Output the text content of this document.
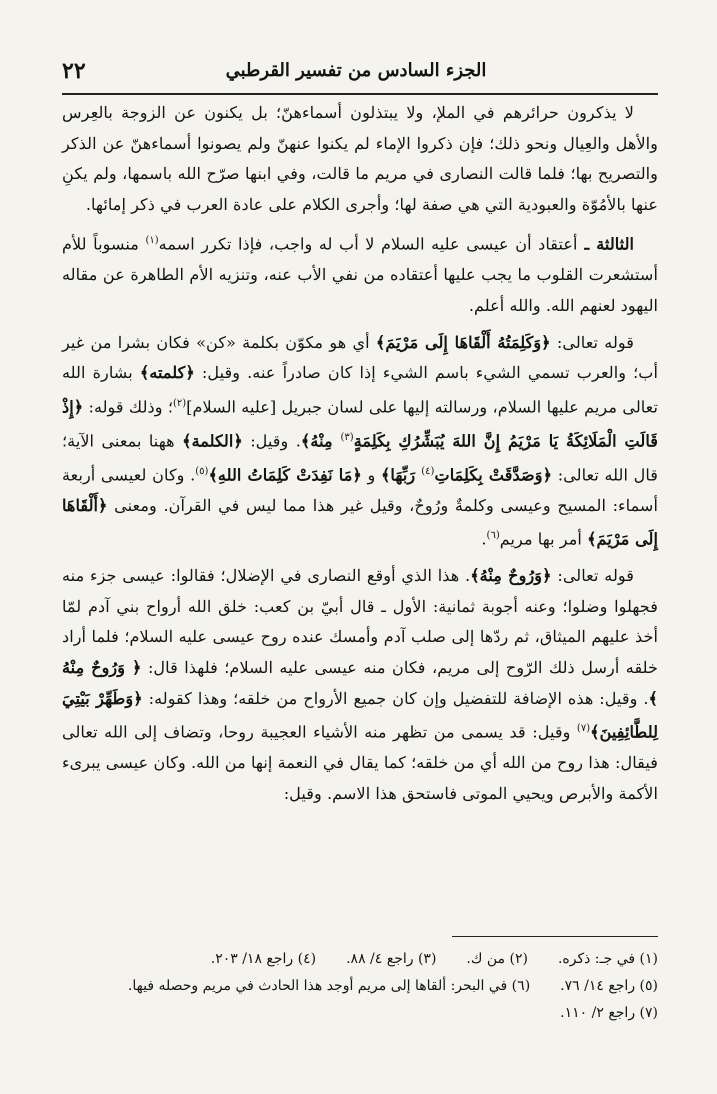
٢٢	الجزء السادس من تفسير القرطبي

لا يذكرون حرائرهم في الملإ، ولا يبتذلون أسماءهنّ؛ بل يكنون عن الزوجة بالعِرس والأهل والعِيال ونحو ذلك؛ فإن ذكروا الإماء لم يكنوا عنهنّ ولم يصونوا أسماءهنّ عن الذكر والتصريح بها؛ فلما قالت النصارى في مريم ما قالت، وفي ابنها صرّح الله باسمها، ولم يكنِ عنها بالأمُوّة والعبودية التي هي صفة لها؛ وأجرى الكلام على عادة العرب في ذكر إمائها.

الثالثة ـ أعتقاد أن عيسى عليه السلام لا أب له واجب، فإذا تكرر اسمه$^{(١)}$ منسوباً للأم أستشعرت القلوب ما يجب عليها أعتقاده من نفي الأب عنه، وتنزيه الأم الطاهرة عن مقاله اليهود لعنهم الله. والله أعلم.

قوله تعالى: ﴿وَكَلِمَتُهُ أَلْقَاهَا إِلَى مَرْيَمَ﴾ أي هو مكوّن بكلمة «كن» فكان بشرا من غير أب؛ والعرب تسمي الشيء باسم الشيء إذا كان صادراً عنه. وقيل: ﴿كلمته﴾ بشارة الله تعالى مريم عليها السلام، ورسالته إليها على لسان جبريل [عليه السلام]$^{(٢)}$؛ وذلك قوله: ﴿إِذْ قَالَتِ الْمَلَائِكَةُ يَا مَرْيَمُ إِنَّ اللهَ يُبَشِّرُكِ بِكَلِمَةٍ$^{(٣)}$ مِنْهُ﴾. وقيل: ﴿الكلمة﴾ ههنا بمعنى الآية؛ قال الله تعالى: ﴿وَصَدَّقَتْ بِكَلِمَاتِ$^{(٤)}$ رَبِّهَا﴾ و ﴿مَا نَفِدَتْ كَلِمَاتُ اللهِ﴾$^{(٥)}$. وكان لعيسى أربعة أسماء: المسيح وعيسى وكلمةٌ ورُوحٌ، وقيل غير هذا مما ليس في القرآن. ومعنى ﴿أَلْقَاهَا إِلَى مَرْيَمَ﴾ أمر بها مريم$^{(٦)}$.

قوله تعالى: ﴿وَرُوحٌ مِنْهُ﴾. هذا الذي أوقع النصارى في الإضلال؛ فقالوا: عيسى جزء منه فجهلوا وضلوا؛ وعنه أجوبة ثمانية: الأول ـ قال أبيّ بن كعب: خلق الله أرواح بني آدم لمّا أخذ عليهم الميثاق، ثم ردّها إلى صلب آدم وأمسك عنده روح عيسى عليه السلام؛ فلما أراد خلقه أرسل ذلك الرّوح إلى مريم، فكان منه عيسى عليه السلام؛ فلهذا قال: ﴿ وَرُوحٌ مِنْهُ ﴾. وقيل: هذه الإضافة للتفضيل وإن كان جميع الأرواح من خلقه؛ وهذا كقوله: ﴿وَطَهِّرْ بَيْتِيَ لِلطَّائِفِينَ﴾$^{(٧)}$ وقيل: قد يسمى من تظهر منه الأشياء العجيبة روحا، وتضاف إلى الله تعالى فيقال: هذا روح من الله أي من خلقه؛ كما يقال في النعمة إنها من الله. وكان عيسى يبرىء الأكمة والأبرص ويحيي الموتى فاستحق هذا الاسم. وقيل:

(١) في جـ: ذكره.
(٢) من ك.
(٣) راجع ٤/ ٨٨.
(٤) راجع ١٨/ ٢٠٣.
(٥) راجع ١٤/ ٧٦.
(٦) في البحر: ألقاها إلى مريم أوجد هذا الحادث في مريم وحصله فيها.
(٧) راجع ٢/ ١١٠.
